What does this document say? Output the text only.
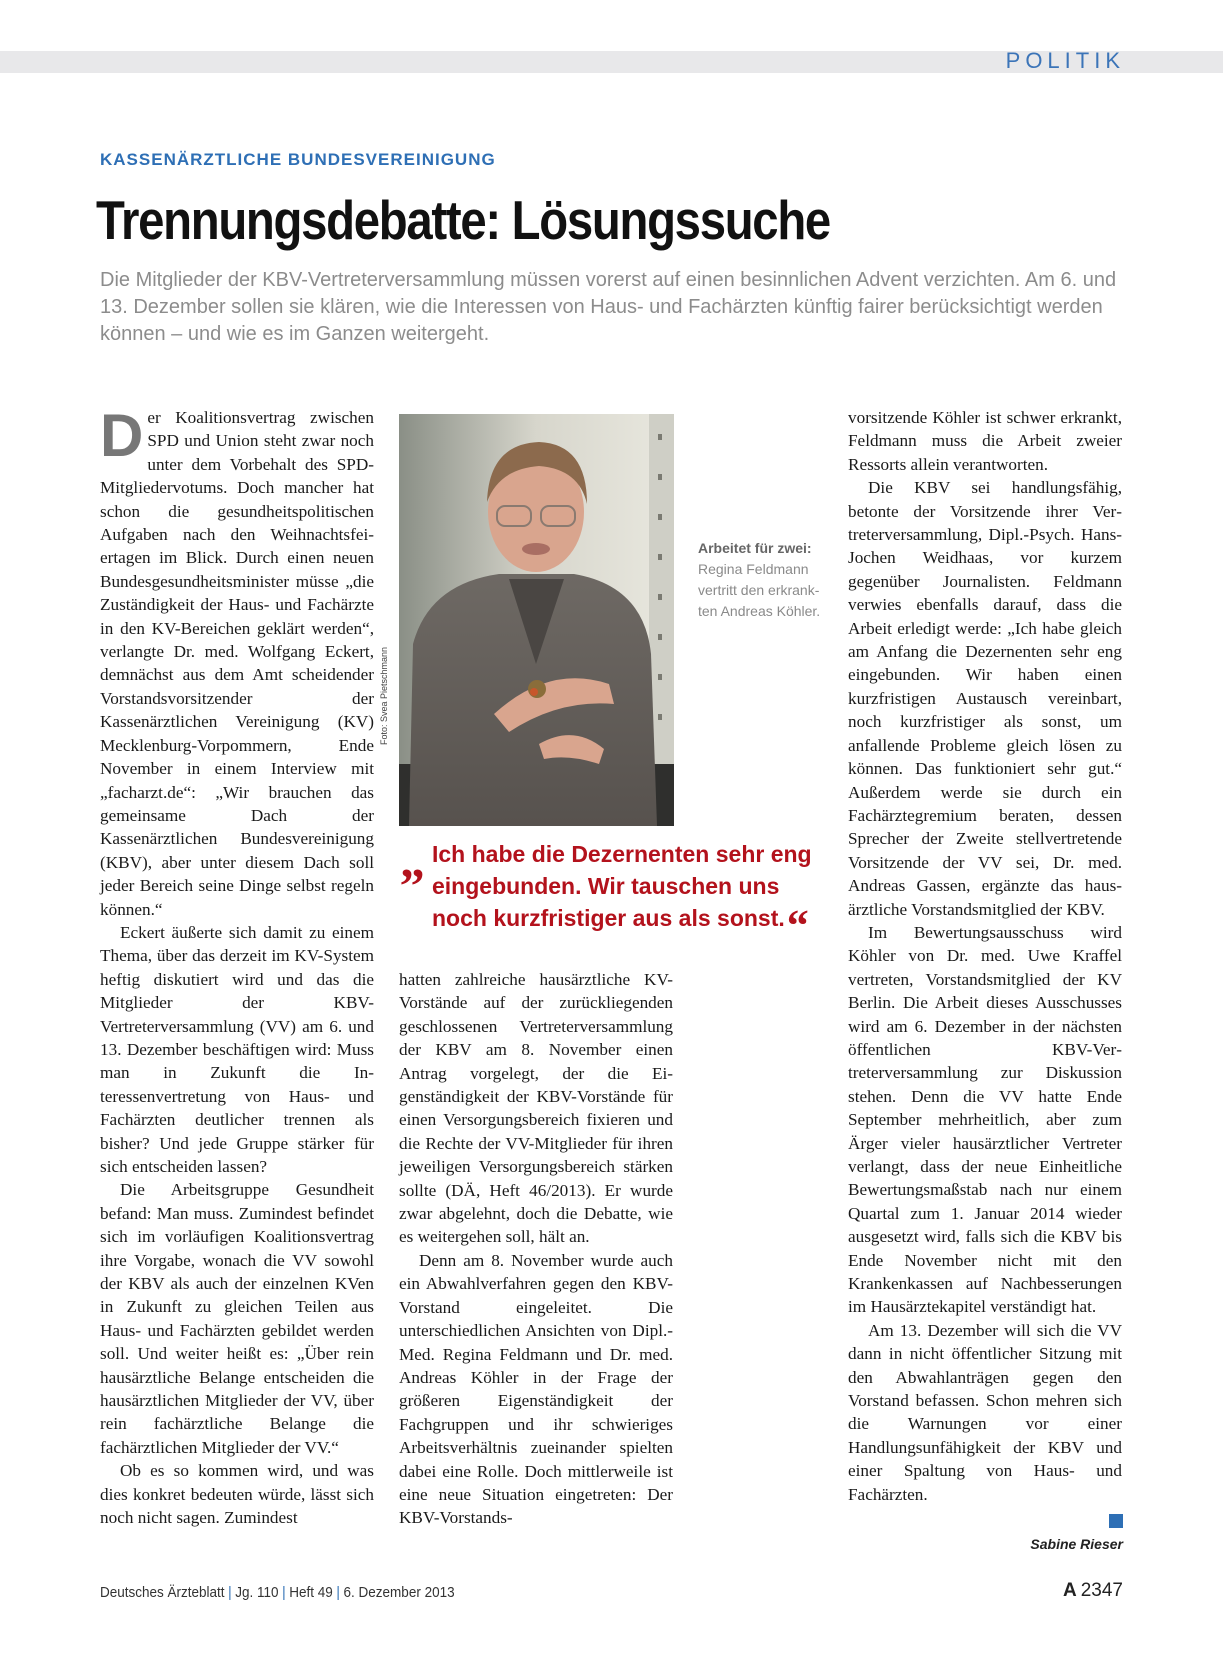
POLITIK
KASSENÄRZTLICHE BUNDESVEREINIGUNG
Trennungsdebatte: Lösungssuche

Die Mitglieder der KBV-Vertreterversammlung müssen vorerst auf einen besinnlichen Advent verzichten. Am 6. und 13. Dezember sollen sie klären, wie die Interessen von Haus- und Fachärzten künftig fairer berücksichtigt werden können – und wie es im Ganzen weitergeht.

Der Koalitionsvertrag zwischen SPD und Union steht zwar noch unter dem Vorbehalt des SPD-Mitgliedervotums. Doch mancher hat schon die gesundheitspolitischen Aufgaben nach den Weihnachtsfeiertagen im Blick. Durch einen neuen Bundesgesundheitsminister müsse „die Zuständigkeit der Haus- und Fachärzte in den KV-Bereichen geklärt werden“, verlangte Dr. med. Wolfgang Eckert, demnächst aus dem Amt scheidender Vorstandsvorsitzender der Kassenärztlichen Vereinigung (KV) Mecklenburg-Vorpommern, Ende November in einem Interview mit „facharzt.de“: „Wir brauchen das gemeinsame Dach der Kassenärztlichen Bundesvereinigung (KBV), aber unter diesem Dach soll jeder Bereich seine Dinge selbst regeln können.“

Eckert äußerte sich damit zu einem Thema, über das derzeit im KV-System heftig diskutiert wird und das die Mitglieder der KBV-Vertreterversammlung (VV) am 6. und 13. Dezember beschäftigen wird: Muss man in Zukunft die Interessenvertretung von Haus- und Fachärzten deutlicher trennen als bisher? Und jede Gruppe stärker für sich entscheiden lassen?

Die Arbeitsgruppe Gesundheit befand: Man muss. Zumindest befindet sich im vorläufigen Koalitionsvertrag ihre Vorgabe, wonach die VV sowohl der KBV als auch der einzelnen KVen in Zukunft zu gleichen Teilen aus Haus- und Fachärzten gebildet werden soll. Und weiter heißt es: „Über rein hausärztliche Belange entscheiden die hausärztlichen Mitglieder der VV, über rein fachärztliche Belange die fachärztlichen Mitglieder der VV.“

Ob es so kommen wird, und was dies konkret bedeuten würde, lässt sich noch nicht sagen. Zumindest

Foto: Svea Pietschmann
Arbeitet für zwei:
Regina Feldmann vertritt den erkrankten Andreas Köhler.
„ Ich habe die Dezernenten sehr eng eingebunden. Wir tauschen uns noch kurzfristiger aus als sonst.“

hatten zahlreiche hausärztliche KV-Vorstände auf der zurückliegenden geschlossenen Vertreterversammlung der KBV am 8. November einen Antrag vorgelegt, der die Eigenständigkeit der KBV-Vorstände für einen Versorgungsbereich fixieren und die Rechte der VV-Mitglieder für ihren jeweiligen Versorgungsbereich stärken sollte (DÄ, Heft 46/2013). Er wurde zwar abgelehnt, doch die Debatte, wie es weitergehen soll, hält an.

Denn am 8. November wurde auch ein Abwahlverfahren gegen den KBV-Vorstand eingeleitet. Die unterschiedlichen Ansichten von Dipl.-Med. Regina Feldmann und Dr. med. Andreas Köhler in der Frage der größeren Eigenständigkeit der Fachgruppen und ihr schwieriges Arbeitsverhältnis zueinander spielten dabei eine Rolle. Doch mittlerweile ist eine neue Situation eingetreten: Der KBV-Vorstands-

vorsitzende Köhler ist schwer erkrankt, Feldmann muss die Arbeit zweier Ressorts allein verantworten.

Die KBV sei handlungsfähig, betonte der Vorsitzende ihrer Vertreterversammlung, Dipl.-Psych. Hans-Jochen Weidhaas, vor kurzem gegenüber Journalisten. Feldmann verwies ebenfalls darauf, dass die Arbeit erledigt werde: „Ich habe gleich am Anfang die Dezernenten sehr eng eingebunden. Wir haben einen kurzfristigen Austausch vereinbart, noch kurzfristiger als sonst, um anfallende Probleme gleich lösen zu können. Das funktioniert sehr gut.“ Außerdem werde sie durch ein Fachärztegremium beraten, dessen Sprecher der Zweite stellvertretende Vorsitzende der VV sei, Dr. med. Andreas Gassen, ergänzte das hausärztliche Vorstandsmitglied der KBV.

Im Bewertungsausschuss wird Köhler von Dr. med. Uwe Kraffel vertreten, Vorstandsmitglied der KV Berlin. Die Arbeit dieses Ausschusses wird am 6. Dezember in der nächsten öffentlichen KBV-Vertreterversammlung zur Diskussion stehen. Denn die VV hatte Ende September mehrheitlich, aber zum Ärger vieler hausärztlicher Vertreter verlangt, dass der neue Einheitliche Bewertungsmaßstab nach nur einem Quartal zum 1. Januar 2014 wieder ausgesetzt wird, falls sich die KBV bis Ende November nicht mit den Krankenkassen auf Nachbesserungen im Hausärztekapitel verständigt hat.

Am 13. Dezember will sich die VV dann in nicht öffentlicher Sitzung mit den Abwahlanträgen gegen den Vorstand befassen. Schon mehren sich die Warnungen vor einer Handlungsunfähigkeit der KBV und einer Spaltung von Haus- und Fachärzten.

Sabine Rieser
Deutsches Ärzteblatt | Jg. 110 | Heft 49 | 6. Dezember 2013	A 2347
